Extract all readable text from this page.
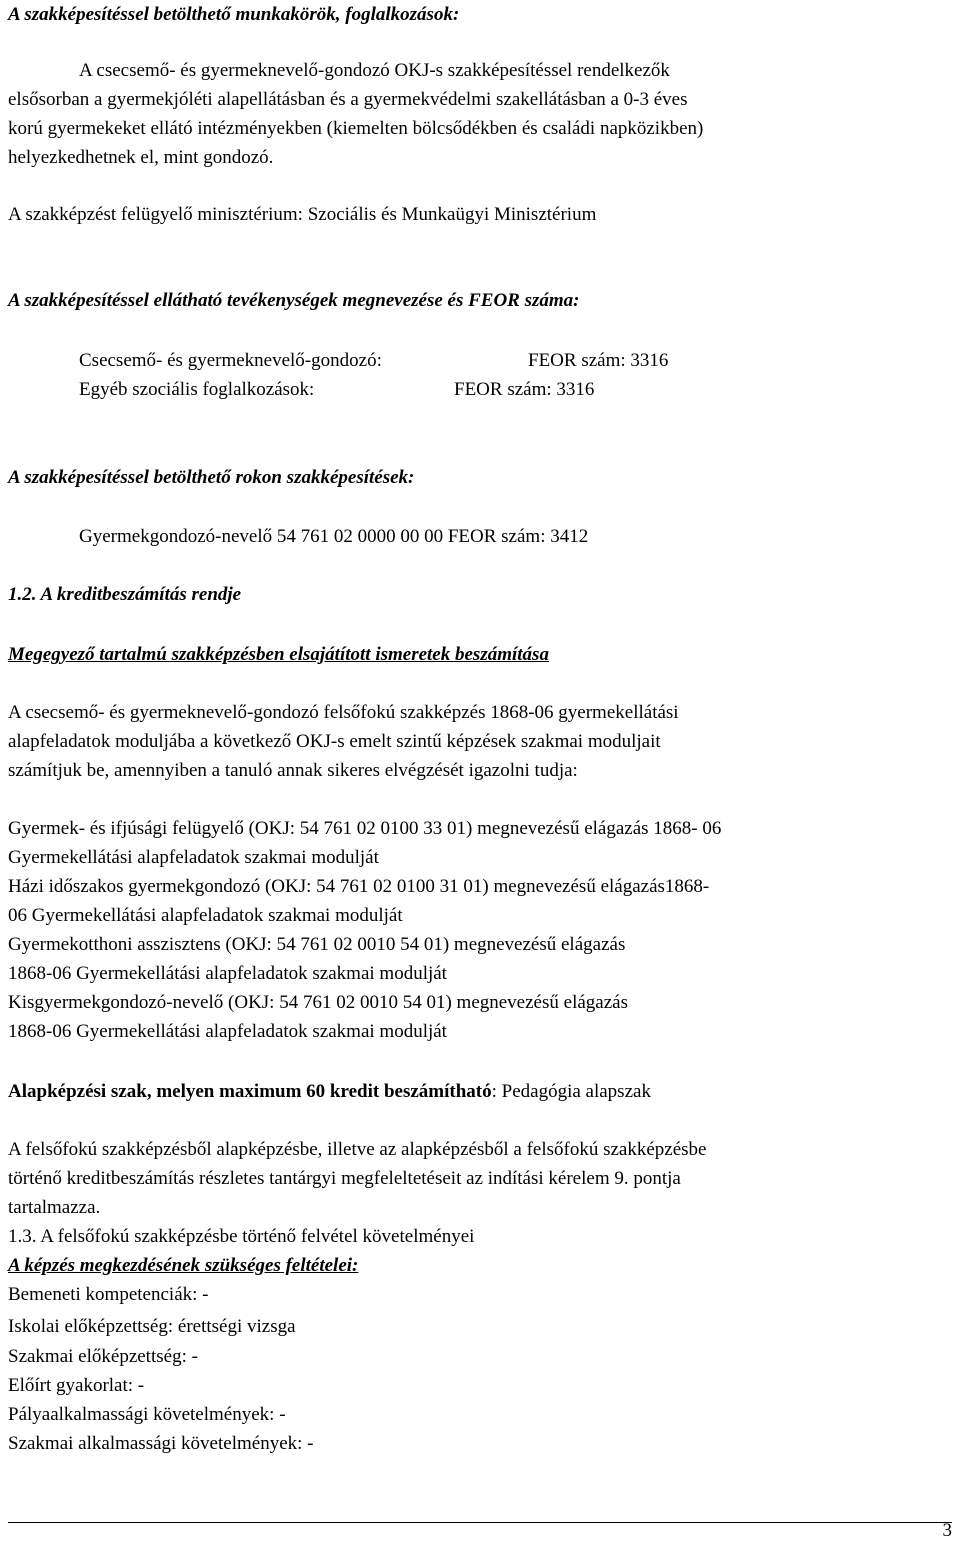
A szakképesítéssel betölthető munkakörök, foglalkozások:
A csecsemő- és gyermeknevelő-gondozó OKJ-s szakképesítéssel rendelkezők
elsősorban a gyermekjóléti alapellátásban és a gyermekvédelmi szakellátásban a 0-3 éves
korú gyermekeket ellátó intézményekben (kiemelten bölcsődékben és családi napközikben)
helyezkedhetnek el, mint gondozó.
A szakképzést felügyelő minisztérium: Szociális és Munkaügyi Minisztérium
A szakképesítéssel ellátható tevékenységek megnevezése és FEOR száma:
Csecsemő- és gyermeknevelő-gondozó:	FEOR szám: 3316
Egyéb szociális foglalkozások:	FEOR szám: 3316
A szakképesítéssel betölthető rokon szakképesítések:
Gyermekgondozó-nevelő 54 761 02 0000 00 00 FEOR szám: 3412
1.2. A kreditbeszámítás rendje
Megegyező tartalmú szakképzésben elsajátított ismeretek beszámítása
A csecsemő- és gyermeknevelő-gondozó felsőfokú szakképzés 1868-06 gyermekellátási
alapfeladatok moduljába a következő OKJ-s emelt szintű képzések szakmai moduljait
számítjuk be, amennyiben a tanuló annak sikeres elvégzését igazolni tudja:
Gyermek- és ifjúsági felügyelő (OKJ: 54 761 02 0100 33 01) megnevezésű elágazás 1868- 06
Gyermekellátási alapfeladatok szakmai modulját
Házi időszakos gyermekgondozó (OKJ: 54 761 02 0100 31 01) megnevezésű elágazás1868-
06 Gyermekellátási alapfeladatok szakmai modulját
Gyermekotthoni asszisztens (OKJ: 54 761 02 0010 54 01) megnevezésű elágazás
1868-06 Gyermekellátási alapfeladatok szakmai modulját
Kisgyermekgondozó-nevelő (OKJ: 54 761 02 0010 54 01) megnevezésű elágazás
1868-06 Gyermekellátási alapfeladatok szakmai modulját
Alapképzési szak, melyen maximum 60 kredit beszámítható: Pedagógia alapszak
A felsőfokú szakképzésből alapképzésbe, illetve az alapképzésből a felsőfokú szakképzésbe
történő kreditbeszámítás részletes tantárgyi megfeleltetéseit az indítási kérelem 9. pontja
tartalmazza.
1.3. A felsőfokú szakképzésbe történő felvétel követelményei
A képzés megkezdésének szükséges feltételei:
Bemeneti kompetenciák: -
Iskolai előképzettség: érettségi vizsga
Szakmai előképzettség: -
Előírt gyakorlat: -
Pályaalkalmassági követelmények: -
Szakmai alkalmassági követelmények: -
3
